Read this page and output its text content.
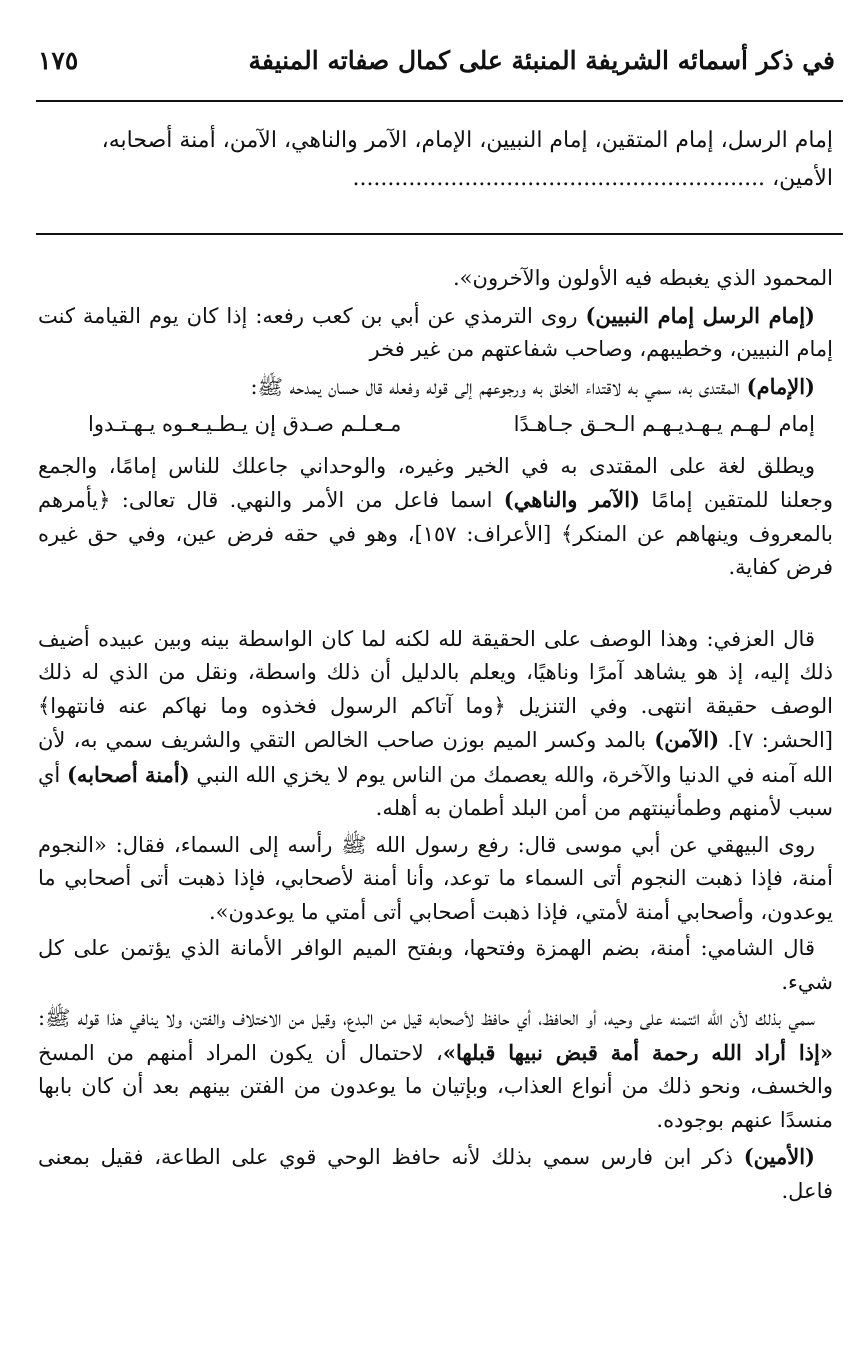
في ذكر أسمائه الشريفة المنبئة على كمال صفاته المنيفة
١٧٥
إمام الرسل، إمام المتقين، إمام النبيين، الإمام، الآمر والناهي، الآمن، أمنة أصحابه،
الأمين، ...........................................................

المحمود الذي يغبطه فيه الأولون والآخرون».

(إمام الرسل إمام النبيين) روى الترمذي عن أبي بن كعب رفعه: إذا كان يوم القيامة كنت إمام النبيين، وخطيبهم، وصاحب شفاعتهم من غير فخر

(الإمام) المقتدى به، سمي به لاقتداء الخلق به ورجوعهم إلى قوله وفعله قال حسان يمدحه ﷺ:

إمام لـهـم يـهـديـهـم الـحـق جـاهـدًا
مـعـلـم صـدق إن يـطـيـعـوه يـهـتـدوا

ويطلق لغة على المقتدى به في الخير وغيره، والوحداني جاعلك للناس إمامًا، والجمع وجعلنا للمتقين إمامًا (الآمر والناهي) اسما فاعل من الأمر والنهي. قال تعالى: ﴿يأمرهم بالمعروف وينهاهم عن المنكر﴾ [الأعراف: ١٥٧]، وهو في حقه فرض عين، وفي حق غيره فرض كفاية.

قال العزفي: وهذا الوصف على الحقيقة لله لكنه لما كان الواسطة بينه وبين عبيده أضيف ذلك إليه، إذ هو يشاهد آمرًا وناهيًا، ويعلم بالدليل أن ذلك واسطة، ونقل من الذي له ذلك الوصف حقيقة انتهى. وفي التنزيل ﴿وما آتاكم الرسول فخذوه وما نهاكم عنه فانتهوا﴾ [الحشر: ٧]. (الآمن) بالمد وكسر الميم بوزن صاحب الخالص التقي والشريف سمي به، لأن الله آمنه في الدنيا والآخرة، والله يعصمك من الناس يوم لا يخزي الله النبي (أمنة أصحابه) أي سبب لأمنهم وطمأنينتهم من أمن البلد أطمان به أهله.

روى البيهقي عن أبي موسى قال: رفع رسول الله ﷺ رأسه إلى السماء، فقال: «النجوم أمنة، فإذا ذهبت النجوم أتى السماء ما توعد، وأنا أمنة لأصحابي، فإذا ذهبت أتى أصحابي ما يوعدون، وأصحابي أمنة لأمتي، فإذا ذهبت أصحابي أتى أمتي ما يوعدون».

قال الشامي: أمنة، بضم الهمزة وفتحها، وبفتح الميم الوافر الأمانة الذي يؤتمن على كل شيء.

سمي بذلك لأن الله ائتمنه على وحيه، أو الحافظ، أي حافظ لأصحابه قيل من البدع، وقيل من الاختلاف والفتن، ولا ينافي هذا قوله ﷺ: «إذا أراد الله رحمة أمة قبض نبيها قبلها»، لاحتمال أن يكون المراد أمنهم من المسخ والخسف، ونحو ذلك من أنواع العذاب، وبإتيان ما يوعدون من الفتن بينهم بعد أن كان بابها منسدًا عنهم بوجوده.

(الأمين) ذكر ابن فارس سمي بذلك لأنه حافظ الوحي قوي على الطاعة، فقيل بمعنى فاعل.
